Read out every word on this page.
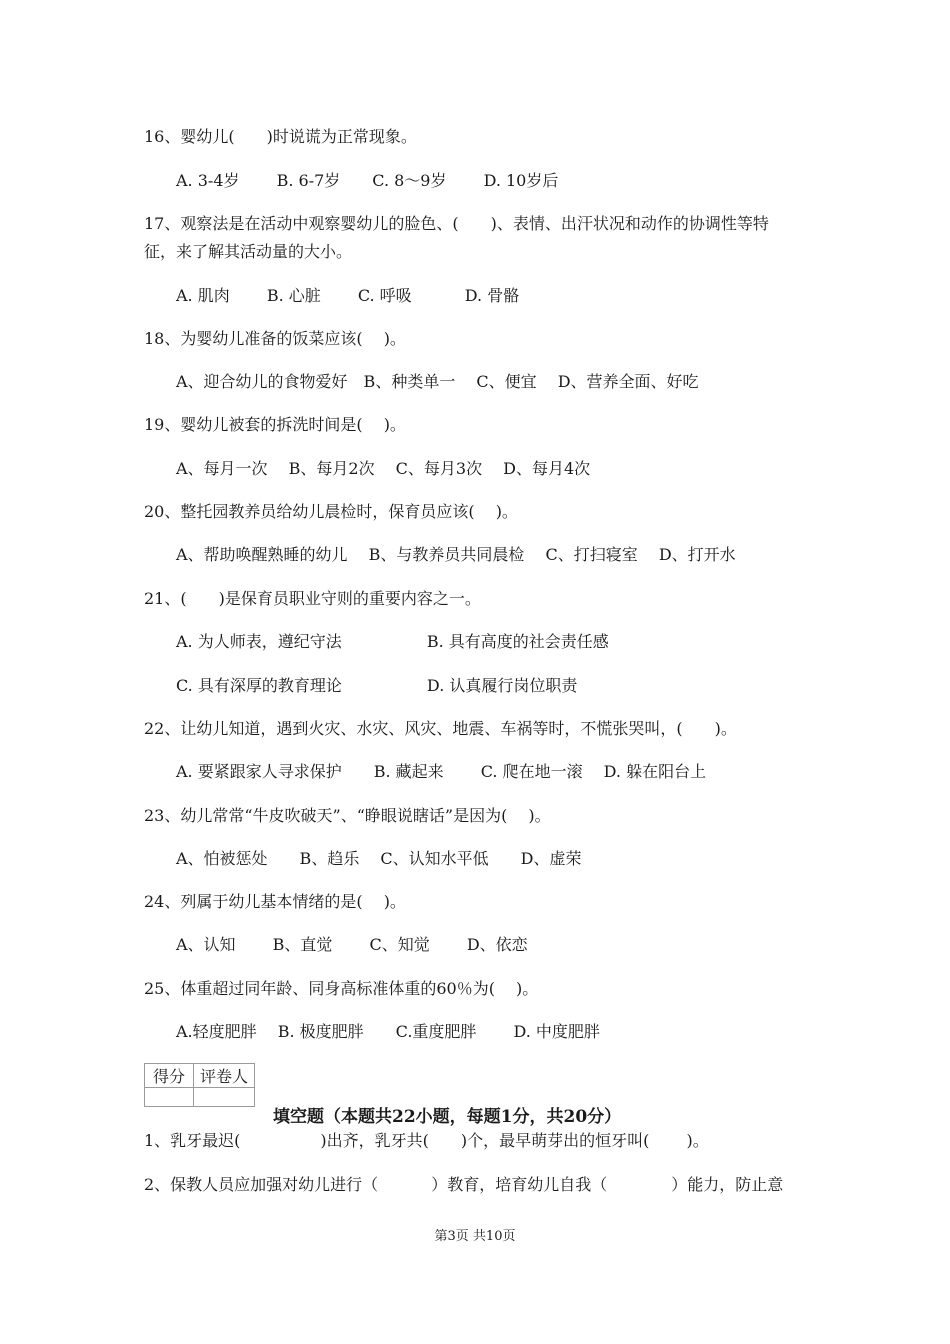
16、婴幼儿(　　)时说谎为正常现象。

A. 3-4岁　　 B. 6-7岁　　C. 8～9岁　　 D. 10岁后

17、观察法是在活动中观察婴幼儿的脸色、(　　)、表情、出汗状况和动作的协调性等特

征，来了解其活动量的大小。

A. 肌肉　　 B. 心脏　　 C. 呼吸　　　 D. 骨骼

18、为婴幼儿准备的饭菜应该(　 )。

A、迎合幼儿的食物爱好　B、种类单一　 C、便宜　 D、营养全面、好吃

19、婴幼儿被套的拆洗时间是(　 )。

A、每月一次　 B、每月2次　 C、每月3次　 D、每月4次

20、整托园教养员给幼儿晨检时，保育员应该(　 )。

A、帮助唤醒熟睡的幼儿　 B、与教养员共同晨检　 C、打扫寝室　 D、打开水

21、(　　)是保育员职业守则的重要内容之一。

A. 为人师表，遵纪守法　　　　　 B. 具有高度的社会责任感

C. 具有深厚的教育理论　　　　　 D. 认真履行岗位职责

22、让幼儿知道，遇到火灾、水灾、风灾、地震、车祸等时，不慌张哭叫，(　　)。

A. 要紧跟家人寻求保护　　B. 藏起来　　 C. 爬在地一滚　 D. 躲在阳台上

23、幼儿常常“牛皮吹破天”、“睁眼说瞎话”是因为(　 )。

A、怕被惩处　　B、趋乐　 C、认知水平低　　D、虚荣

24、列属于幼儿基本情绪的是(　 )。

A、认知　　 B、直觉　　 C、知觉　　 D、依恋

25、体重超过同年龄、同身高标准体重的60％为(　 )。

A.轻度肥胖　 B. 极度肥胖　　C.重度肥胖　　 D. 中度肥胖

得分	评卷人

填空题（本题共22小题，每题1分，共20分）

1、乳牙最迟(　　　　　)出齐，乳牙共(　　)个，最早萌芽出的恒牙叫(　　 )。

2、保教人员应加强对幼儿进行（　　　 ）教育，培育幼儿自我（　　　　）能力，防止意

第3页 共10页
